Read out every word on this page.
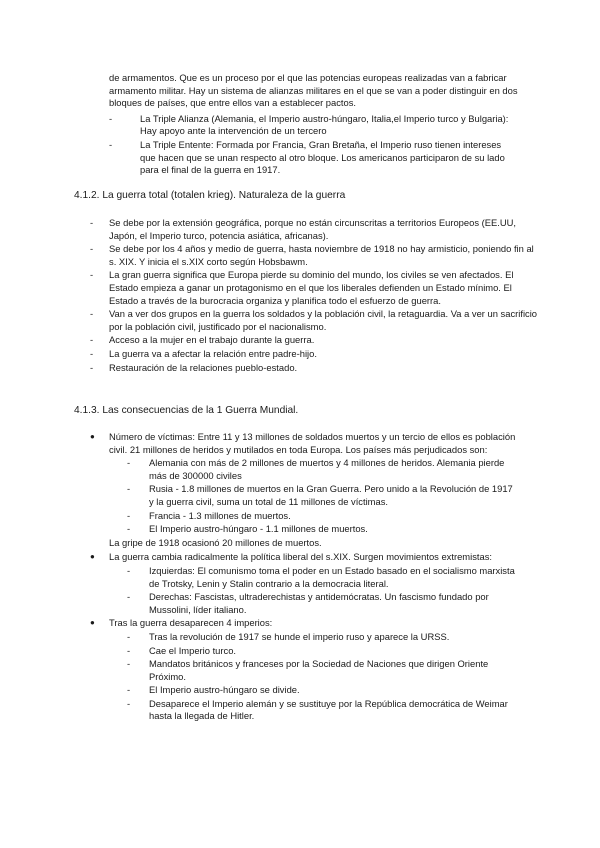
de armamentos. Que es un proceso por el que las potencias europeas realizadas van a fabricar armamento militar. Hay un sistema de alianzas militares en el que se van a poder distinguir en dos bloques de países, que entre ellos van a establecer pactos.

- La Triple Alianza (Alemania, el Imperio austro-húngaro, Italia,el Imperio turco y Bulgaria): Hay apoyo ante la intervención de un tercero
- La Triple Entente: Formada por Francia, Gran Bretaña, el Imperio ruso tienen intereses que hacen que se unan respecto al otro bloque. Los americanos participaron de su lado para el final de la guerra en 1917.
4.1.2. La guerra total (totalen krieg). Naturaleza de la guerra
- Se debe por la extensión geográfica, porque no están circunscritas a territorios Europeos (EE.UU, Japón, el Imperio turco, potencia asiática, africanas).
- Se debe por los 4 años y medio de guerra, hasta noviembre de 1918 no hay armisticio, poniendo fin al s. XIX. Y inicia el s.XIX corto según Hobsbawm.
- La gran guerra significa que Europa pierde su dominio del mundo, los civiles se ven afectados. El Estado empieza a ganar un protagonismo en el que los liberales defienden un Estado mínimo. El Estado a través de la burocracia organiza y planifica todo el esfuerzo de guerra.
- Van a ver dos grupos en la guerra los soldados y la población civil, la retaguardia. Va a ver un sacrificio por la población civil, justificado por el nacionalismo.
- Acceso a la mujer en el trabajo durante la guerra.
- La guerra va a afectar la relación entre padre-hijo.
- Restauración de la relaciones pueblo-estado.
4.1.3. Las consecuencias de la 1 Guerra Mundial.
● Número de víctimas: Entre 11 y 13 millones de soldados muertos y un tercio de ellos es población civil. 21 millones de heridos y mutilados en toda Europa. Los países más perjudicados son:
- Alemania con más de 2 millones de muertos y 4 millones de heridos. Alemania pierde más de 300000 civiles
- Rusia - 1.8 millones de muertos en la Gran Guerra. Pero unido a la Revolución de 1917 y la guerra civil, suma un total de 11 millones de víctimas.
- Francia - 1.3 millones de muertos.
- El Imperio austro-húngaro - 1.1 millones de muertos.
La gripe de 1918 ocasionó 20 millones de muertos.
● La guerra cambia radicalmente la política liberal del s.XIX. Surgen movimientos extremistas:
- Izquierdas: El comunismo toma el poder en un Estado basado en el socialismo marxista de Trotsky, Lenin y Stalin contrario a la democracia literal.
- Derechas: Fascistas, ultraderechistas y antidemócratas. Un fascismo fundado por Mussolini, líder italiano.
● Tras la guerra desaparecen 4 imperios:
- Tras la revolución de 1917 se hunde el imperio ruso y aparece la URSS.
- Cae el Imperio turco.
- Mandatos británicos y franceses por la Sociedad de Naciones que dirigen Oriente Próximo.
- El Imperio austro-húngaro se divide.
- Desaparece el Imperio alemán y se sustituye por la República democrática de Weimar hasta la llegada de Hitler.
